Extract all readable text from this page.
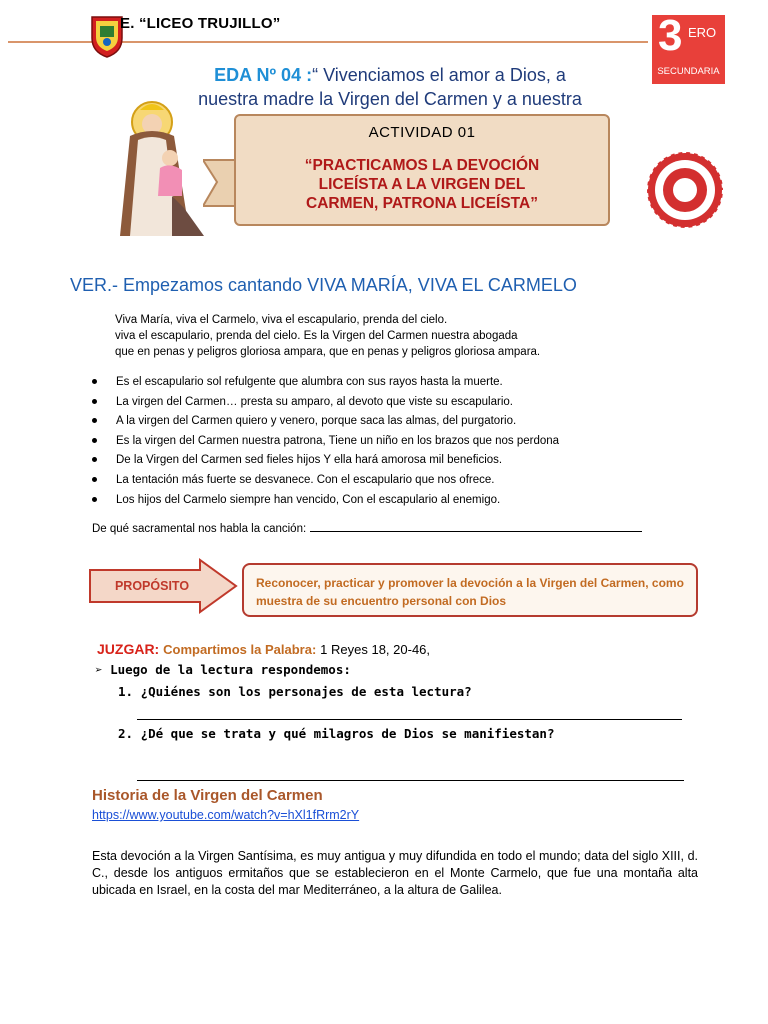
E. “LICEO TRUJILLO”	3 ERO
SECUNDARIA
EDA Nº 04 :“ Vivenciamos el amor a Dios, a
nuestra madre la Virgen del Carmen y a nuestra
ACTIVIDAD 01
“PRACTICAMOS LA DEVOCIÓN
LICEÍSTA A LA VIRGEN DEL
CARMEN, PATRONA LICEÍSTA”
VER.- Empezamos cantando VIVA MARÍA, VIVA EL CARMELO
Viva María, viva el Carmelo, viva el escapulario, prenda del cielo.
viva el escapulario, prenda del cielo. Es la Virgen del Carmen nuestra abogada
que en penas y peligros gloriosa ampara, que en penas y peligros gloriosa ampara.
Es el escapulario sol refulgente que alumbra con sus rayos hasta la muerte.
La virgen del Carmen… presta su amparo, al devoto que viste su escapulario.
A la virgen del Carmen quiero y venero, porque saca las almas, del purgatorio.
Es la virgen del Carmen nuestra patrona, Tiene un niño en los brazos que nos perdona
De la Virgen del Carmen sed fieles hijos Y ella hará amorosa mil beneficios.
La tentación más fuerte se desvanece. Con el escapulario que nos ofrece.
Los hijos del Carmelo siempre han vencido, Con el escapulario al enemigo.
De qué sacramental nos habla la canción:
PROPÓSITO	Reconocer, practicar y promover la devoción a la Virgen del Carmen, como muestra de su encuentro personal con Dios
JUZGAR: Compartimos la Palabra: 1 Reyes 18, 20-46,
➢ Luego de la lectura respondemos:
1. ¿Quiénes son los personajes de esta lectura?
2. ¿Dé que se trata y qué milagros de Dios se manifiestan?
Historia de la Virgen del Carmen
https://www.youtube.com/watch?v=hXl1fRrm2rY
Esta devoción a la Virgen Santísima, es muy antigua y muy difundida en todo el mundo; data del siglo XIII, d. C., desde los antiguos ermitaños que se establecieron en el Monte Carmelo, que fue una montaña alta ubicada en Israel, en la costa del mar Mediterráneo, a la altura de Galilea.
